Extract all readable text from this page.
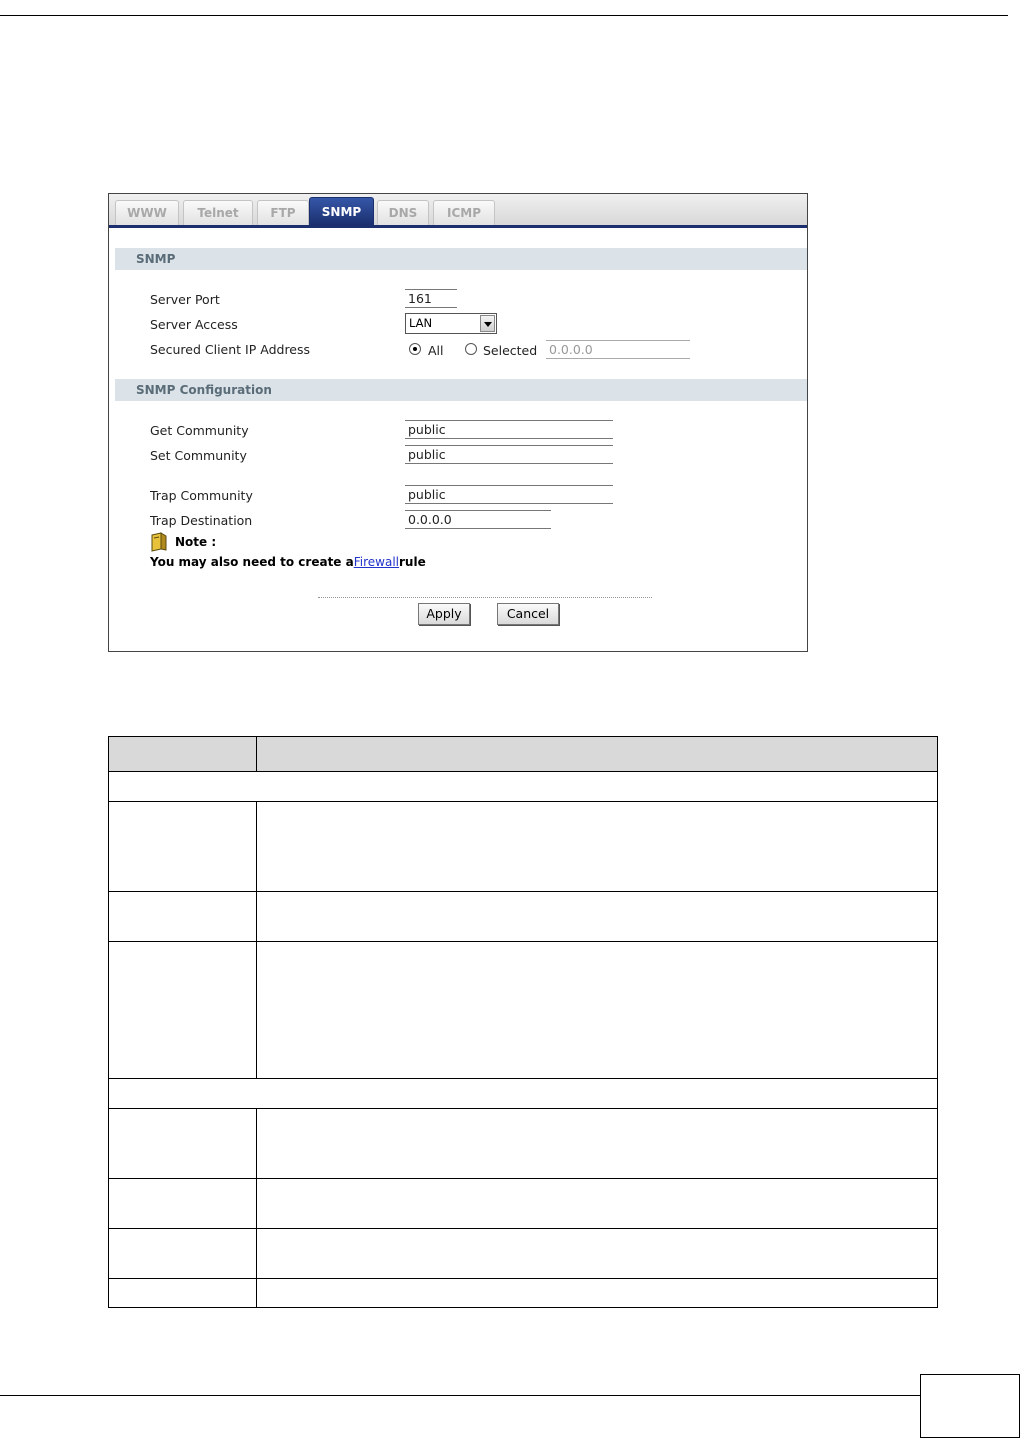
WWW	Telnet	FTP	SNMP	DNS	ICMP
SNMP
Server Port	161
Server Access	LAN
Secured Client IP Address	All	Selected 0.0.0.0
SNMP Configuration
Get Community	public
Set Community	public
Trap Community	public
Trap Destination	0.0.0.0
Note :
You may also need to create aFirewallrule
Apply	Cancel
